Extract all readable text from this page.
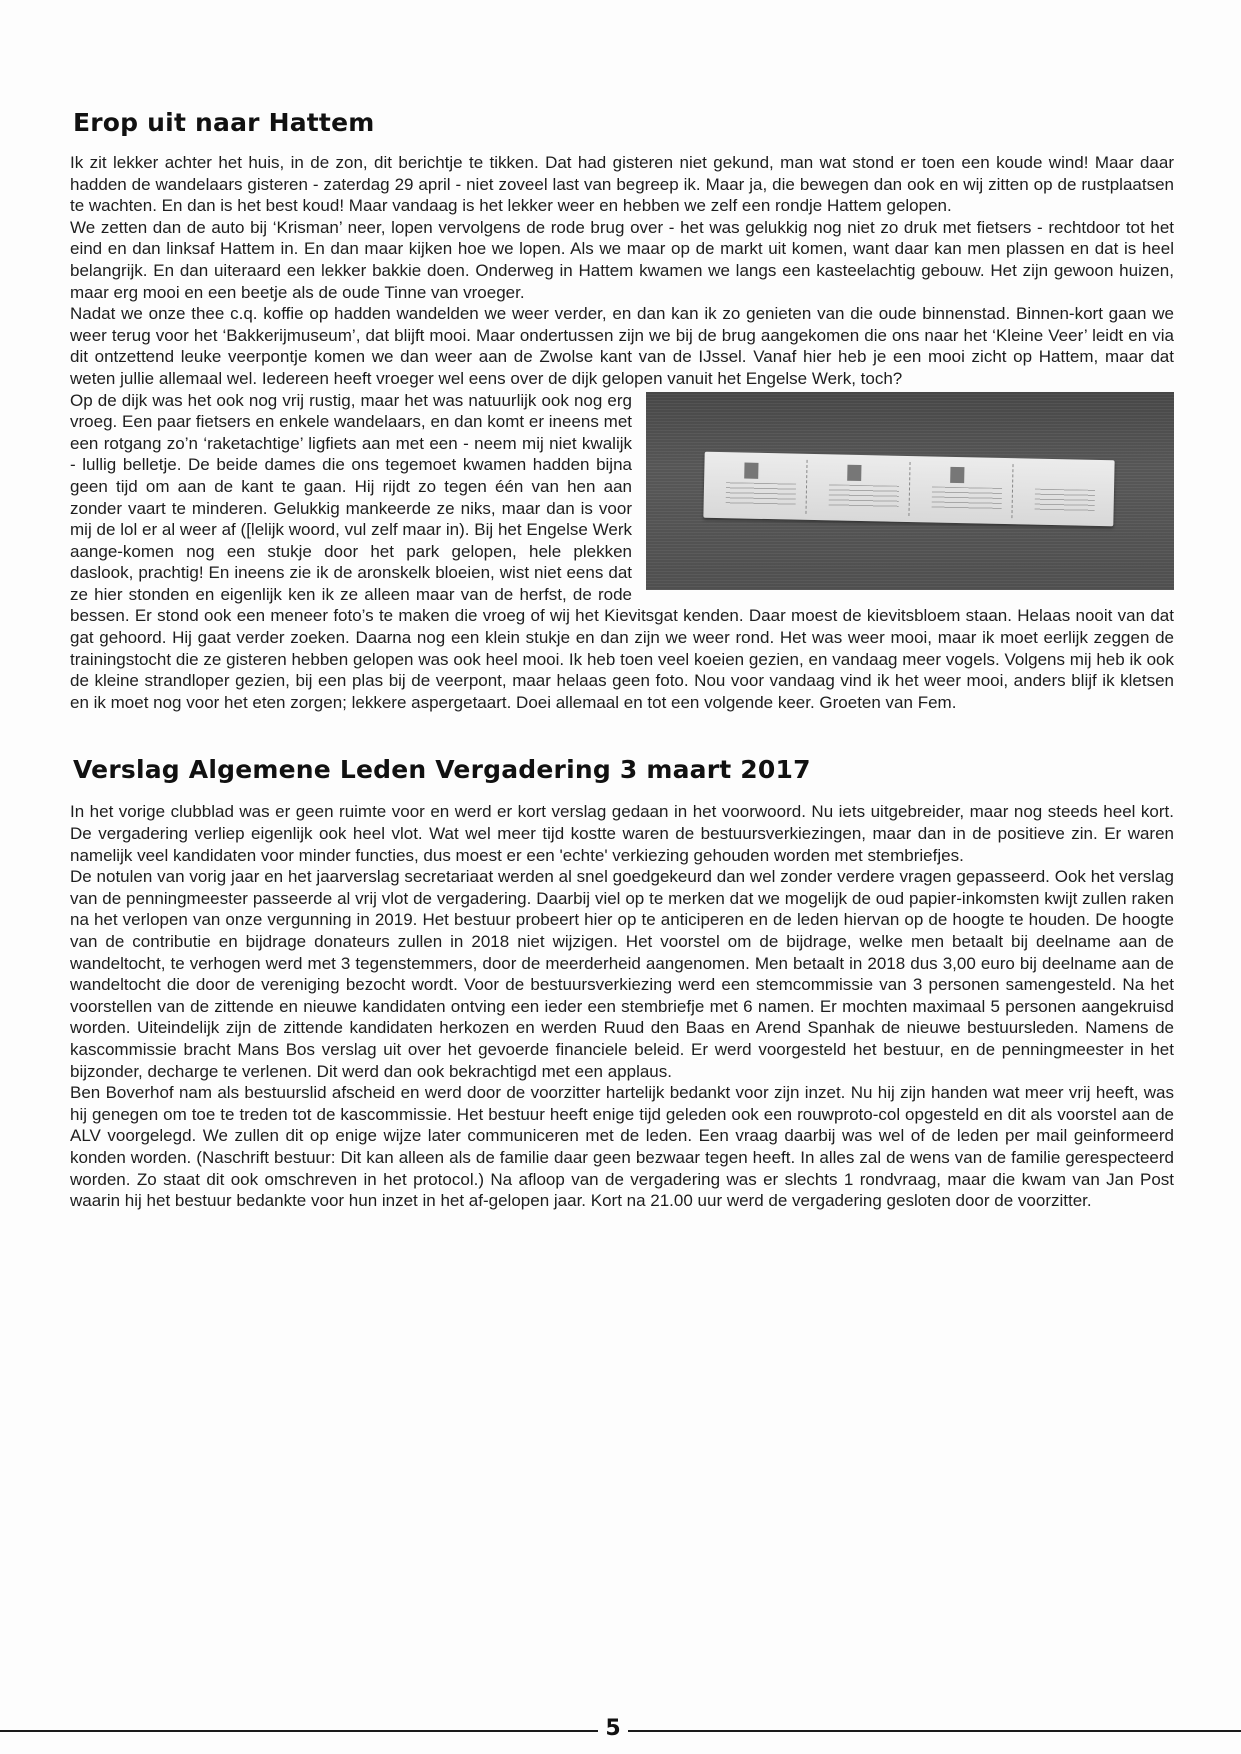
Erop uit naar Hattem

Ik zit lekker achter het huis, in de zon, dit berichtje te tikken. Dat had gisteren niet gekund, man wat stond er toen een koude wind! Maar daar hadden de wandelaars gisteren - zaterdag 29 april - niet zoveel last van begreep ik. Maar ja, die bewegen dan ook en wij zitten op de rustplaatsen te wachten. En dan is het best koud! Maar vandaag is het lekker weer en hebben we zelf een rondje Hattem gelopen.

We zetten dan de auto bij ‘Krisman’ neer, lopen vervolgens de rode brug over - het was gelukkig nog niet zo druk met fietsers - rechtdoor tot het eind en dan linksaf Hattem in. En dan maar kijken hoe we lopen. Als we maar op de markt uit komen, want daar kan men plassen en dat is heel belangrijk. En dan uiteraard een lekker bakkie doen. Onderweg in Hattem kwamen we langs een kasteelachtig gebouw. Het zijn gewoon huizen, maar erg mooi en een beetje als de oude Tinne van vroeger.

Nadat we onze thee c.q. koffie op hadden wandelden we weer verder, en dan kan ik zo genieten van die oude binnenstad. Binnen-kort gaan we weer terug voor het ‘Bakkerijmuseum’, dat blijft mooi. Maar ondertussen zijn we bij de brug aangekomen die ons naar het ‘Kleine Veer’ leidt en via dit ontzettend leuke veerpontje komen we dan weer aan de Zwolse kant van de IJssel. Vanaf hier heb je een mooi zicht op Hattem, maar dat weten jullie allemaal wel. Iedereen heeft vroeger wel eens over de dijk gelopen vanuit het Engelse Werk, toch?

Op de dijk was het ook nog vrij rustig, maar het was natuurlijk ook nog erg vroeg. Een paar fietsers en enkele wandelaars, en dan komt er ineens met een rotgang zo’n ‘raketachtige’ ligfiets aan met een - neem mij niet kwalijk - lullig belletje. De beide dames die ons tegemoet kwamen hadden bijna geen tijd om aan de kant te gaan. Hij rijdt zo tegen één van hen aan zonder vaart te minderen. Gelukkig mankeerde ze niks, maar dan is voor mij de lol er al weer af ([lelijk woord, vul zelf maar in). Bij het Engelse Werk aange-komen nog een stukje door het park gelopen, hele plekken daslook, prachtig! En ineens zie ik de aronskelk bloeien, wist niet eens dat ze hier stonden en eigenlijk ken ik ze alleen maar van de herfst, de rode bessen. Er stond ook een meneer foto’s te maken die vroeg of wij het Kievitsgat kenden. Daar moest de kievitsbloem staan. Helaas nooit van dat gat gehoord. Hij gaat verder zoeken. Daarna nog een klein stukje en dan zijn we weer rond. Het was weer mooi, maar ik moet eerlijk zeggen de trainingstocht die ze gisteren hebben gelopen was ook heel mooi. Ik heb toen veel koeien gezien, en vandaag meer vogels. Volgens mij heb ik ook de kleine strandloper gezien, bij een plas bij de veerpont, maar helaas geen foto. Nou voor vandaag vind ik het weer mooi, anders blijf ik kletsen en ik moet nog voor het eten zorgen; lekkere aspergetaart. Doei allemaal en tot een volgende keer. Groeten van Fem.

Verslag Algemene Leden Vergadering 3 maart 2017

In het vorige clubblad was er geen ruimte voor en werd er kort verslag gedaan in het voorwoord. Nu iets uitgebreider, maar nog steeds heel kort. De vergadering verliep eigenlijk ook heel vlot. Wat wel meer tijd kostte waren de bestuursverkiezingen, maar dan in de positieve zin. Er waren namelijk veel kandidaten voor minder functies, dus moest er een 'echte' verkiezing gehouden worden met stembriefjes.

De notulen van vorig jaar en het jaarverslag secretariaat werden al snel goedgekeurd dan wel zonder verdere vragen gepasseerd. Ook het verslag van de penningmeester passeerde al vrij vlot de vergadering. Daarbij viel op te merken dat we mogelijk de oud papier-inkomsten kwijt zullen raken na het verlopen van onze vergunning in 2019. Het bestuur probeert hier op te anticiperen en de leden hiervan op de hoogte te houden. De hoogte van de contributie en bijdrage donateurs zullen in 2018 niet wijzigen. Het voorstel om de bijdrage, welke men betaalt bij deelname aan de wandeltocht, te verhogen werd met 3 tegenstemmers, door de meerderheid aangenomen. Men betaalt in 2018 dus 3,00 euro bij deelname aan de wandeltocht die door de vereniging bezocht wordt. Voor de bestuursverkiezing werd een stemcommissie van 3 personen samengesteld. Na het voorstellen van de zittende en nieuwe kandidaten ontving een ieder een stembriefje met 6 namen. Er mochten maximaal 5 personen aangekruisd worden. Uiteindelijk zijn de zittende kandidaten herkozen en werden Ruud den Baas en Arend Spanhak de nieuwe bestuursleden. Namens de kascommissie bracht Mans Bos verslag uit over het gevoerde financiele beleid. Er werd voorgesteld het bestuur, en de penningmeester in het bijzonder, decharge te verlenen. Dit werd dan ook bekrachtigd met een applaus.

Ben Boverhof nam als bestuurslid afscheid en werd door de voorzitter hartelijk bedankt voor zijn inzet. Nu hij zijn handen wat meer vrij heeft, was hij genegen om toe te treden tot de kascommissie. Het bestuur heeft enige tijd geleden ook een rouwproto-col opgesteld en dit als voorstel aan de ALV voorgelegd. We zullen dit op enige wijze later communiceren met de leden. Een vraag daarbij was wel of de leden per mail geinformeerd konden worden. (Naschrift bestuur: Dit kan alleen als de familie daar geen bezwaar tegen heeft. In alles zal de wens van de familie gerespecteerd worden. Zo staat dit ook omschreven in het protocol.) Na afloop van de vergadering was er slechts 1 rondvraag, maar die kwam van Jan Post waarin hij het bestuur bedankte voor hun inzet in het af-gelopen jaar. Kort na 21.00 uur werd de vergadering gesloten door de voorzitter.

5
